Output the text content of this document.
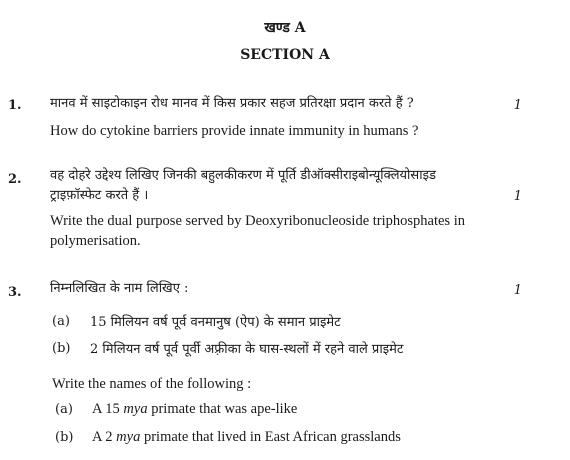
खण्ड A
SECTION A
1. मानव में साइटोकाइन रोध मानव में किस प्रकार सहज प्रतिरक्षा प्रदान करते हैं ?	1
How do cytokine barriers provide innate immunity in humans ?
2. वह दोहरे उद्देश्य लिखिए जिनकी बहुलकीकरण में पूर्ति डीऑक्सीराइबोन्यूक्लियोसाइड
ट्राइफ़ॉस्फेट करते हैं ।	1
Write the dual purpose served by Deoxyribonucleoside triphosphates in
polymerisation.
3. निम्नलिखित के नाम लिखिए :	1
(a) 15 मिलियन वर्ष पूर्व वनमानुष (ऐप) के समान प्राइमेट
(b) 2 मिलियन वर्ष पूर्व पूर्वी अफ़्रीका के घास-स्थलों में रहने वाले प्राइमेट
Write the names of the following :
(a) A 15 mya primate that was ape-like
(b) A 2 mya primate that lived in East African grasslands
